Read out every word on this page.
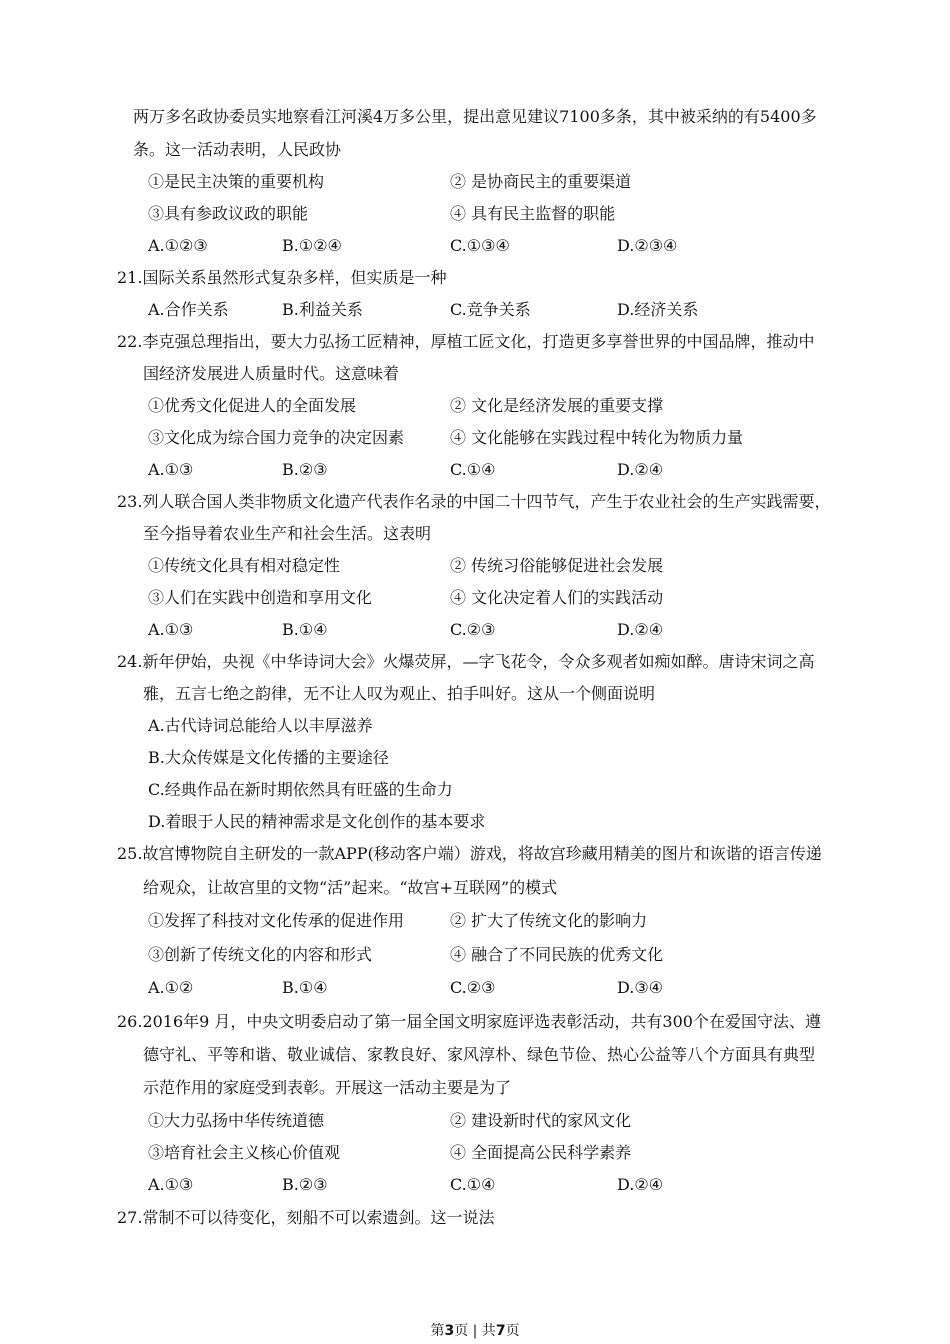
两万多名政协委员实地察看江河溪4万多公里，提出意见建议7100多条，其中被采纳的有5400多
条。这一活动表明，人民政协
①是民主决策的重要机构	② 是协商民主的重要渠道
③具有参政议政的职能	④ 具有民主监督的职能
A.①②③	B.①②④	C.①③④	D.②③④
21.国际关系虽然形式复杂多样，但实质是一种
A.合作关系	B.利益关系	C.竞争关系	D.经济关系
22.李克强总理指出，要大力弘扬工匠精神，厚植工匠文化，打造更多享誉世界的中国品牌，推动中
国经济发展进人质量时代。这意味着
①优秀文化促进人的全面发展	② 文化是经济发展的重要支撑
③文化成为综合国力竞争的决定因素	④ 文化能够在实践过程中转化为物质力量
A.①③	B.②③	C.①④	D.②④
23.列人联合国人类非物质文化遗产代表作名录的中国二十四节气，产生于农业社会的生产实践需要，
至今指导着农业生产和社会生活。这表明
①传统文化具有相对稳定性	② 传统习俗能够促进社会发展
③人们在实践中创造和享用文化	④ 文化决定着人们的实践活动
A.①③	B.①④	C.②③	D.②④
24.新年伊始，央视《中华诗词大会》火爆荧屏，—字飞花令，令众多观者如痴如醉。唐诗宋词之高
雅，五言七绝之韵律，无不让人叹为观止、拍手叫好。这从一个侧面说明
A.古代诗词总能给人以丰厚滋养
B.大众传媒是文化传播的主要途径
C.经典作品在新时期依然具有旺盛的生命力
D.着眼于人民的精神需求是文化创作的基本要求
25.故宫博物院自主研发的一款APP(移动客户端）游戏，将故宫珍藏用精美的图片和诙谐的语言传递
给观众，让故宫里的文物“活”起来。“故宫+互联网”的模式
①发挥了科技对文化传承的促进作用	② 扩大了传统文化的影响力
③创新了传统文化的内容和形式	④ 融合了不同民族的优秀文化
A.①②	B.①④	C.②③	D.③④
26.2016年9 月，中央文明委启动了第一届全国文明家庭评选表彰活动，共有300个在爱国守法、遵
德守礼、平等和谐、敬业诚信、家教良好、家风淳朴、绿色节俭、热心公益等八个方面具有典型
示范作用的家庭受到表彰。开展这一活动主要是为了
①大力弘扬中华传统道德	② 建设新时代的家风文化
③培育社会主义核心价值观	④ 全面提高公民科学素养
A.①③	B.②③	C.①④	D.②④
27.常制不可以待变化，刻船不可以索遗剑。这一说法
第3页 | 共7页
